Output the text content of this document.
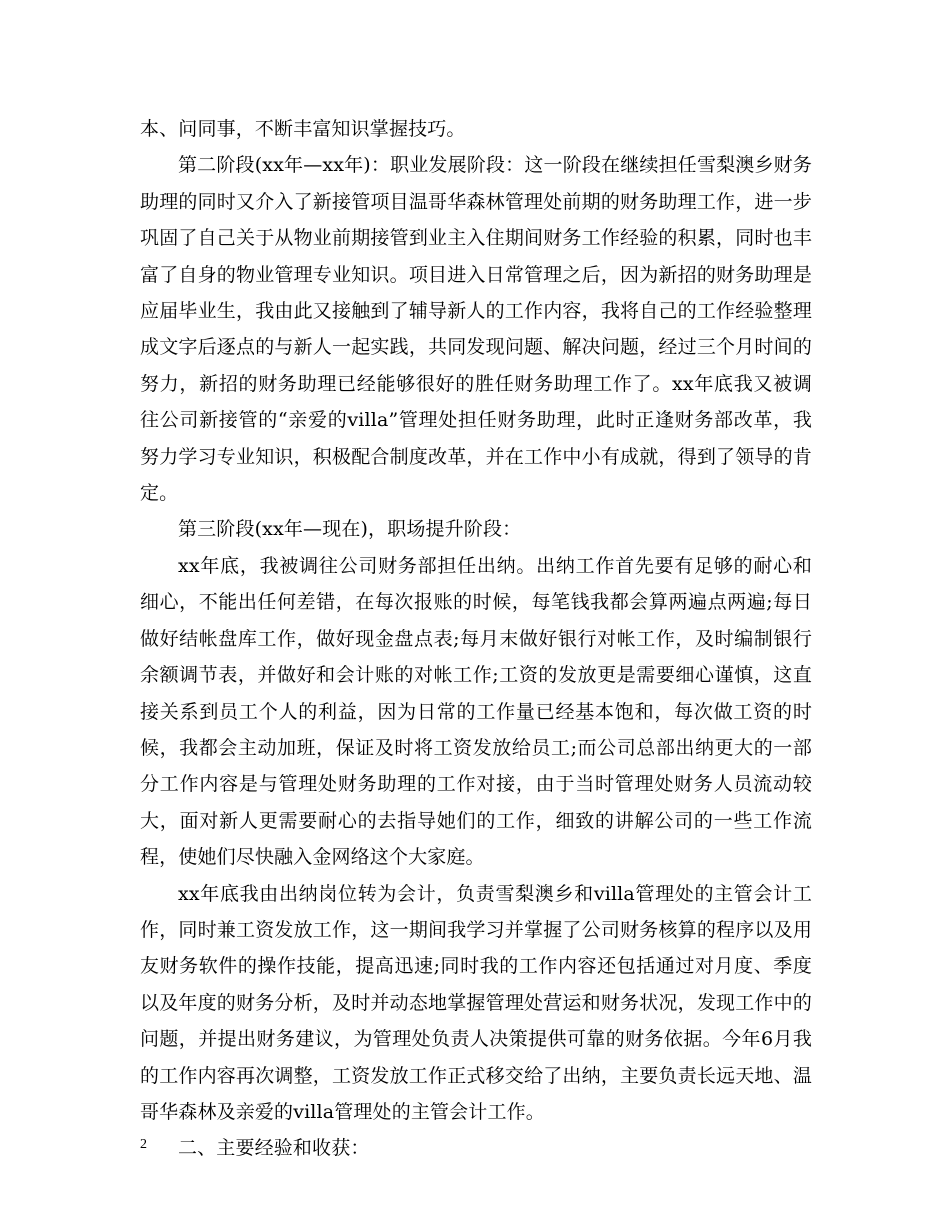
本、问同事，不断丰富知识掌握技巧。

第二阶段(xx年—xx年)：职业发展阶段：这一阶段在继续担任雪梨澳乡财务助理的同时又介入了新接管项目温哥华森林管理处前期的财务助理工作，进一步巩固了自己关于从物业前期接管到业主入住期间财务工作经验的积累，同时也丰富了自身的物业管理专业知识。项目进入日常管理之后，因为新招的财务助理是应届毕业生，我由此又接触到了辅导新人的工作内容，我将自己的工作经验整理成文字后逐点的与新人一起实践，共同发现问题、解决问题，经过三个月时间的努力，新招的财务助理已经能够很好的胜任财务助理工作了。xx年底我又被调往公司新接管的“亲爱的villa”管理处担任财务助理，此时正逢财务部改革，我努力学习专业知识，积极配合制度改革，并在工作中小有成就，得到了领导的肯定。

第三阶段(xx年—现在)，职场提升阶段：

xx年底，我被调往公司财务部担任出纳。出纳工作首先要有足够的耐心和细心，不能出任何差错，在每次报账的时候，每笔钱我都会算两遍点两遍;每日做好结帐盘库工作，做好现金盘点表;每月末做好银行对帐工作，及时编制银行余额调节表，并做好和会计账的对帐工作;工资的发放更是需要细心谨慎，这直接关系到员工个人的利益，因为日常的工作量已经基本饱和，每次做工资的时候，我都会主动加班，保证及时将工资发放给员工;而公司总部出纳更大的一部分工作内容是与管理处财务助理的工作对接，由于当时管理处财务人员流动较大，面对新人更需要耐心的去指导她们的工作，细致的讲解公司的一些工作流程，使她们尽快融入金网络这个大家庭。

xx年底我由出纳岗位转为会计，负责雪梨澳乡和villa管理处的主管会计工作，同时兼工资发放工作，这一期间我学习并掌握了公司财务核算的程序以及用友财务软件的操作技能，提高迅速;同时我的工作内容还包括通过对月度、季度以及年度的财务分析，及时并动态地掌握管理处营运和财务状况，发现工作中的问题，并提出财务建议，为管理处负责人决策提供可靠的财务依据。今年6月我的工作内容再次调整，工资发放工作正式移交给了出纳，主要负责长远天地、温哥华森林及亲爱的villa管理处的主管会计工作。

二、主要经验和收获：

2
